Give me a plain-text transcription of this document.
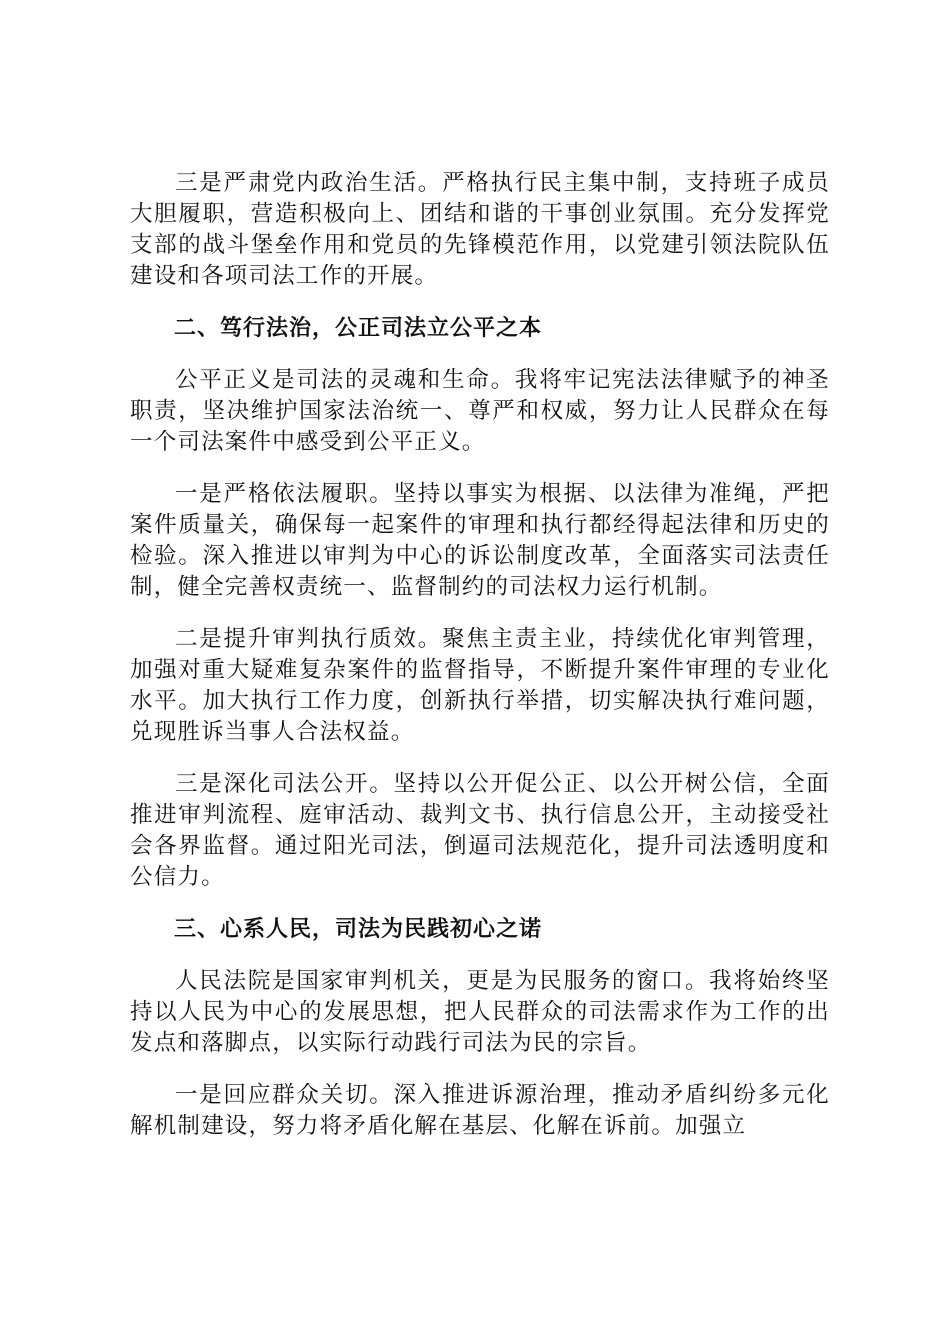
三是严肃党内政治生活。严格执行民主集中制，支持班子成员大胆履职，营造积极向上、团结和谐的干事创业氛围。充分发挥党支部的战斗堡垒作用和党员的先锋模范作用，以党建引领法院队伍建设和各项司法工作的开展。

二、笃行法治，公正司法立公平之本

公平正义是司法的灵魂和生命。我将牢记宪法法律赋予的神圣职责，坚决维护国家法治统一、尊严和权威，努力让人民群众在每一个司法案件中感受到公平正义。

一是严格依法履职。坚持以事实为根据、以法律为准绳，严把案件质量关，确保每一起案件的审理和执行都经得起法律和历史的检验。深入推进以审判为中心的诉讼制度改革，全面落实司法责任制，健全完善权责统一、监督制约的司法权力运行机制。

二是提升审判执行质效。聚焦主责主业，持续优化审判管理，加强对重大疑难复杂案件的监督指导，不断提升案件审理的专业化水平。加大执行工作力度，创新执行举措，切实解决执行难问题，兑现胜诉当事人合法权益。

三是深化司法公开。坚持以公开促公正、以公开树公信，全面推进审判流程、庭审活动、裁判文书、执行信息公开，主动接受社会各界监督。通过阳光司法，倒逼司法规范化，提升司法透明度和公信力。

三、心系人民，司法为民践初心之诺

人民法院是国家审判机关，更是为民服务的窗口。我将始终坚持以人民为中心的发展思想，把人民群众的司法需求作为工作的出发点和落脚点，以实际行动践行司法为民的宗旨。

一是回应群众关切。深入推进诉源治理，推动矛盾纠纷多元化解机制建设，努力将矛盾化解在基层、化解在诉前。加强立
